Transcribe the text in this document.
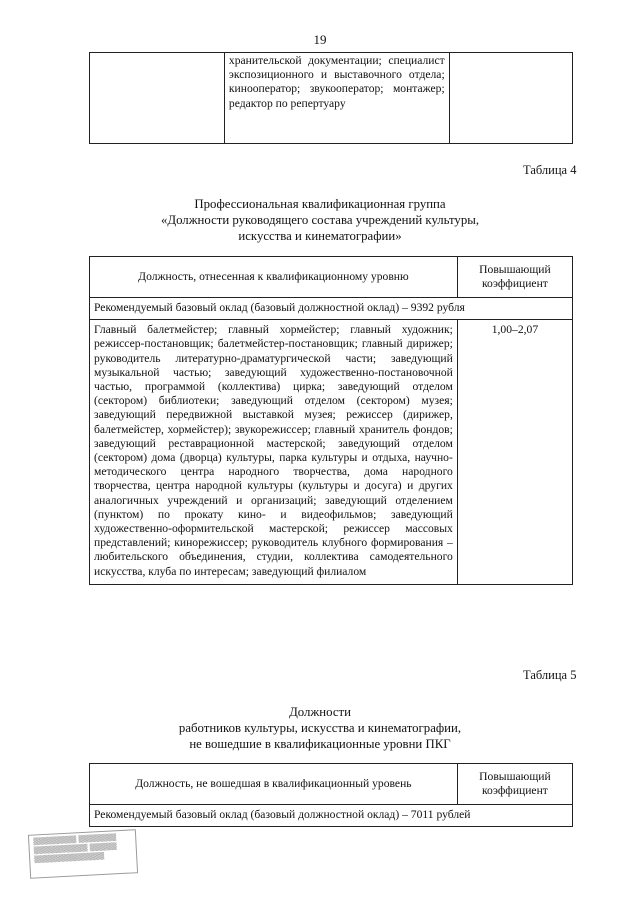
19
	хранительской документации; специалист экспозиционного и выставочного отдела; кинооператор; звукооператор; монтажер; редактор по репертуару	
Таблица 4
Профессиональная квалификационная группа
«Должности руководящего состава учреждений культуры,
искусства и кинематографии»
Должность, отнесенная к квалификационному уровню	Повышающий коэффициент
Рекомендуемый базовый оклад (базовый должностной оклад) – 9392 рубля	
Главный балетмейстер; главный хормейстер; главный художник; режиссер-постановщик; балетмейстер-постановщик; главный дирижер; руководитель литературно-драматургической части; заведующий музыкальной частью; заведующий художественно-постановочной частью, программой (коллектива) цирка; заведующий отделом (сектором) библиотеки; заведующий отделом (сектором) музея; заведующий передвижной выставкой музея; режиссер (дирижер, балетмейстер, хормейстер); звукорежиссер; главный хранитель фондов; заведующий реставрационной мастерской; заведующий отделом (сектором) дома (дворца) культуры, парка культуры и отдыха, научно-методического центра народного творчества, дома народного творчества, центра народной культуры (культуры и досуга) и других аналогичных учреждений и организаций; заведующий отделением (пунктом) по прокату кино- и видеофильмов; заведующий художественно-оформительской мастерской; режиссер массовых представлений; кинорежиссер; руководитель клубного формирования – любительского объединения, студии, коллектива самодеятельного искусства, клуба по интересам; заведующий филиалом	1,00–2,07
Таблица 5
Должности
работников культуры, искусства и кинематографии,
не вошедшие в квалификационные уровни ПКГ
Должность, не вошедшая в квалификационный уровень	Повышающий коэффициент
Рекомендуемый базовый оклад (базовый должностной оклад) – 7011 рублей
▒▒▒▒▒▒▒▒ ▒▒▒▒▒▒▒
▒▒▒▒▒▒▒▒▒▒ ▒▒▒▒▒
▒▒▒▒▒▒▒▒▒▒▒▒▒
